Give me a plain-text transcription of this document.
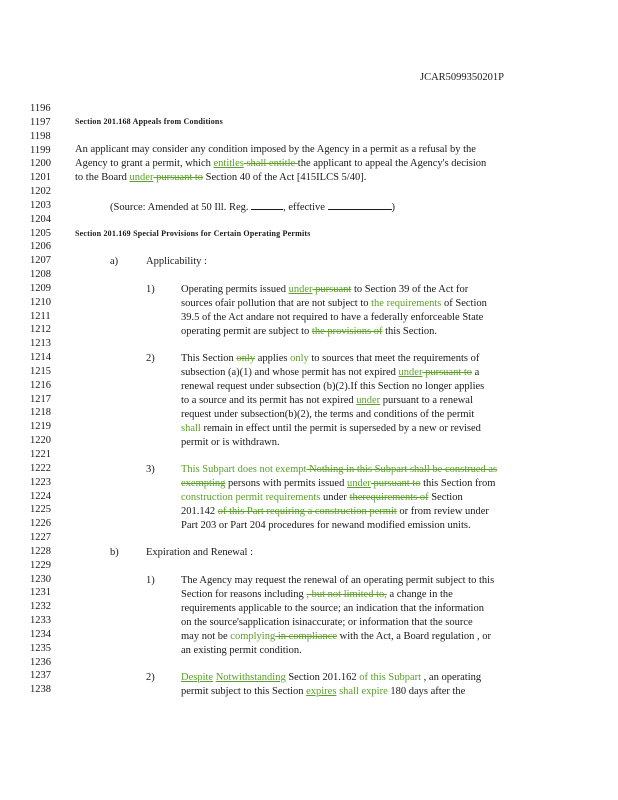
JCAR5099350201P
1196
1197
1198
1199
1200
1201
1202
1203
1204
1205
1206
1207
1208
1209
1210
1211
1212
1213
1214
1215
1216
1217
1218
1219
1220
1221
1222
1223
1224
1225
1226
1227
1228
1229
1230
1231
1232
1233
1234
1235
1236
1237
1238
Section 201.168 Appeals from Conditions
An applicant may consider any condition imposed by the Agency in a permit as a refusal by the
Agency to grant a permit, which entitles shall entitle the applicant to appeal the Agency's decision
to the Board under pursuant to Section 40 of the Act [415ILCS 5/40].
(Source: Amended at 50 Ill. Reg.	, effective	)
Section 201.169 Special Provisions for Certain Operating Permits
a)	Applicability :
1)	Operating permits issued under pursuant to Section 39 of the Act for
sources ofair pollution that are not subject to the requirements of Section
39.5 of the Act andare not required to have a federally enforceable State
operating permit are subject to the provisions of this Section.
2)	This Section only applies only to sources that meet the requirements of
subsection (a)(1) and whose permit has not expired under pursuant to a
renewal request under subsection (b)(2).If this Section no longer applies
to a source and its permit has not expired under pursuant to a renewal
request under subsection(b)(2), the terms and conditions of the permit
shall remain in effect until the permit is superseded by a new or revised
permit or is withdrawn.
3)	This Subpart does not exempt Nothing in this Subpart shall be construed as
exempting persons with permits issued under pursuant to this Section from
construction permit requirements under therequirements of Section
201.142 of this Part requiring a construction permit or from review under
Part 203 or Part 204 procedures for newand modified emission units.
b)	Expiration and Renewal :
1)	The Agency may request the renewal of an operating permit subject to this
Section for reasons including , but not limited to, a change in the
requirements applicable to the source; an indication that the information
on the source'sapplication isinaccurate; or information that the source
may not be complying in compliance with the Act, a Board regulation , or
an existing permit condition.
2)	Despite Notwithstanding Section 201.162 of this Subpart , an operating
permit subject to this Section expires shall expire 180 days after the
